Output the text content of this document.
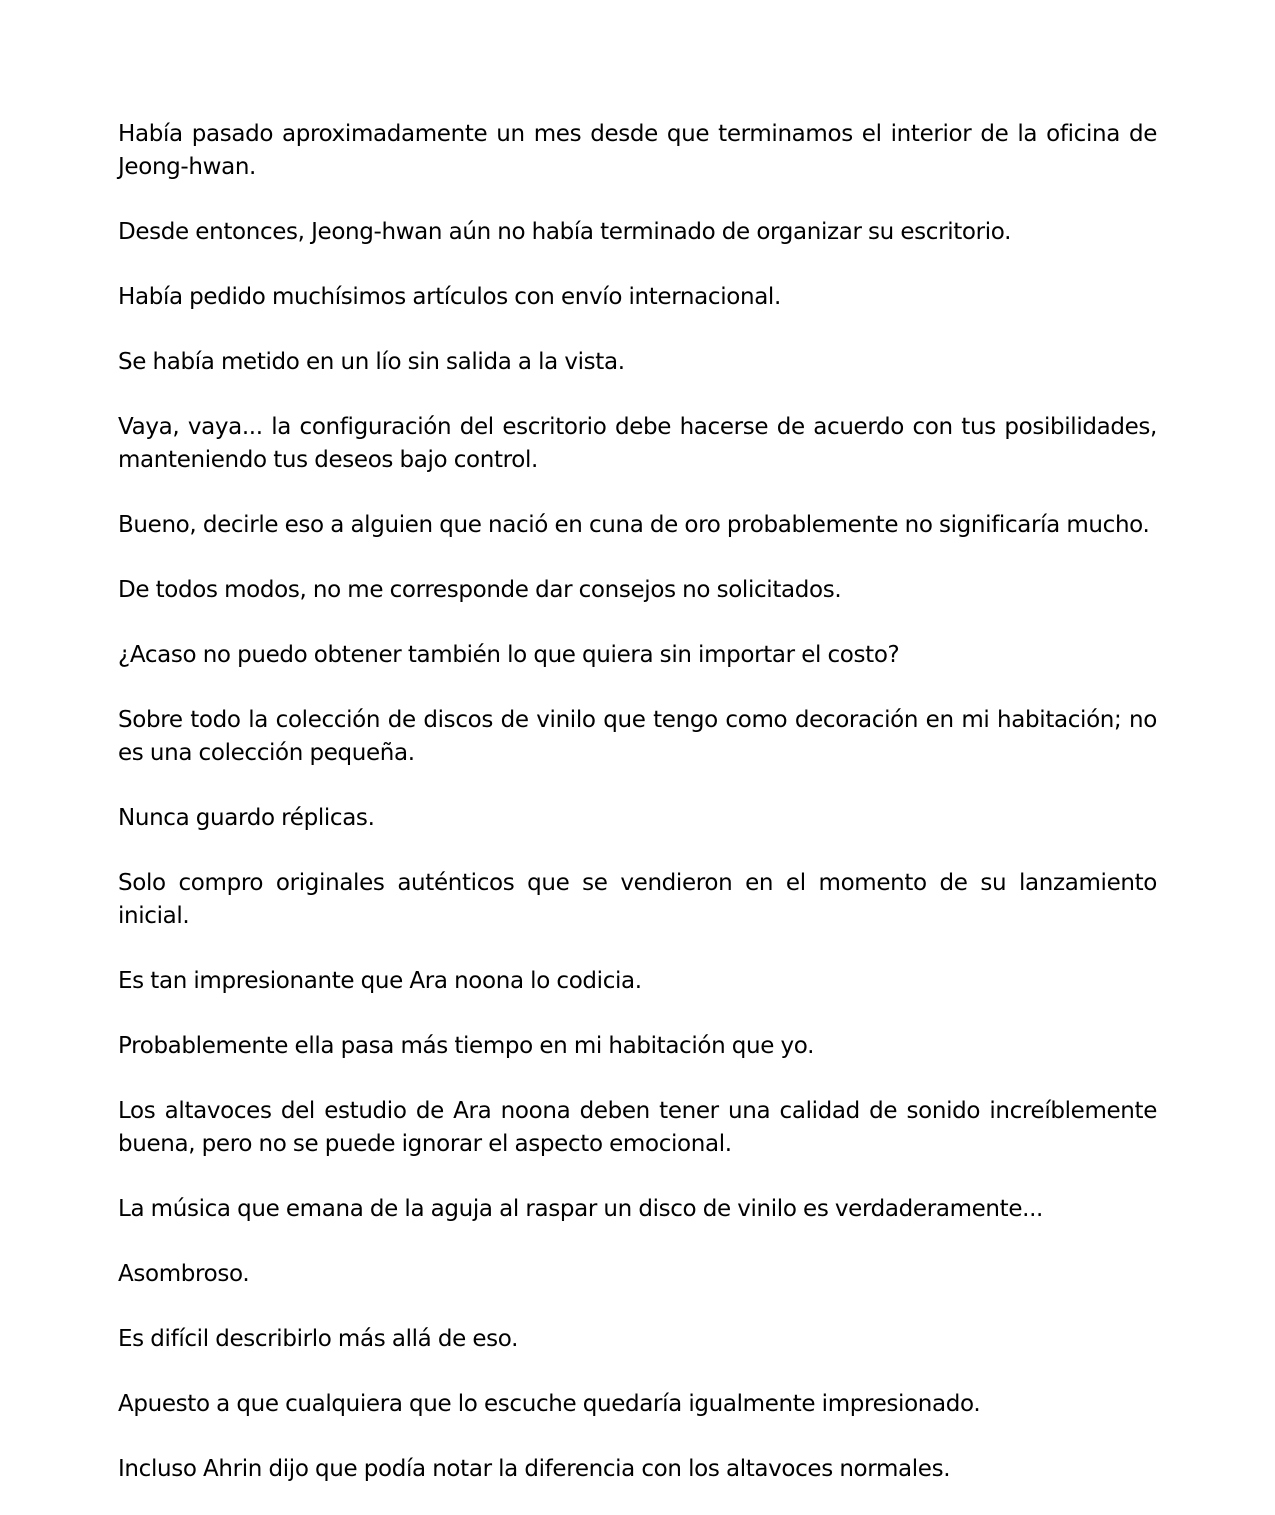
Había pasado aproximadamente un mes desde que terminamos el interior de la oficina de Jeong-hwan.

Desde entonces, Jeong-hwan aún no había terminado de organizar su escritorio.

Había pedido muchísimos artículos con envío internacional.

Se había metido en un lío sin salida a la vista.

Vaya, vaya... la configuración del escritorio debe hacerse de acuerdo con tus posibilidades, manteniendo tus deseos bajo control.

Bueno, decirle eso a alguien que nació en cuna de oro probablemente no significaría mucho.

De todos modos, no me corresponde dar consejos no solicitados.

¿Acaso no puedo obtener también lo que quiera sin importar el costo?

Sobre todo la colección de discos de vinilo que tengo como decoración en mi habitación; no es una colección pequeña.

Nunca guardo réplicas.

Solo compro originales auténticos que se vendieron en el momento de su lanzamiento inicial.

Es tan impresionante que Ara noona lo codicia.

Probablemente ella pasa más tiempo en mi habitación que yo.

Los altavoces del estudio de Ara noona deben tener una calidad de sonido increíblemente buena, pero no se puede ignorar el aspecto emocional.

La música que emana de la aguja al raspar un disco de vinilo es verdaderamente...

Asombroso.

Es difícil describirlo más allá de eso.

Apuesto a que cualquiera que lo escuche quedaría igualmente impresionado.

Incluso Ahrin dijo que podía notar la diferencia con los altavoces normales.
